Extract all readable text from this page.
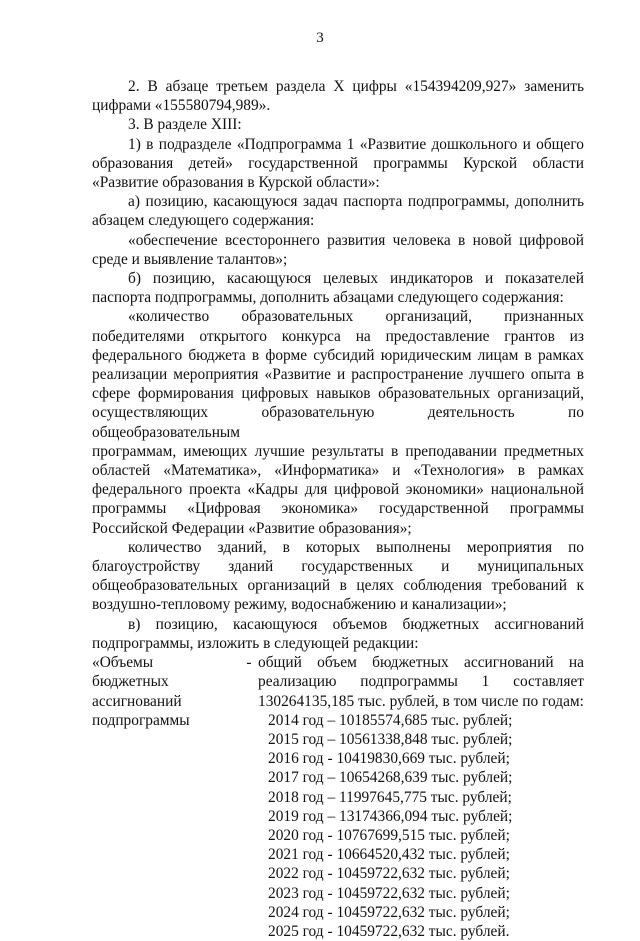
3

2. В абзаце третьем раздела X цифры «154394209,927» заменить

цифрами «155580794,989».

3. В разделе XIII:

1) в подразделе «Подпрограмма 1 «Развитие дошкольного и общего

образования детей» государственной программы Курской области

«Развитие образования в Курской области»:

а) позицию, касающуюся задач паспорта подпрограммы, дополнить

абзацем следующего содержания:

«обеспечение всестороннего развития человека в новой цифровой

среде и выявление талантов»;

б) позицию, касающуюся целевых индикаторов и показателей

паспорта подпрограммы, дополнить абзацами следующего содержания:

«количество образовательных организаций, признанных

победителями открытого конкурса на предоставление грантов из

федерального бюджета в форме субсидий юридическим лицам в рамках

реализации мероприятия «Развитие и распространение лучшего опыта в

сфере формирования цифровых навыков образовательных организаций,

осуществляющих образовательную деятельность по общеобразовательным

программам, имеющих лучшие результаты в преподавании предметных

областей «Математика», «Информатика» и «Технология» в рамках

федерального проекта «Кадры для цифровой экономики» национальной

программы «Цифровая экономика» государственной программы

Российской Федерации «Развитие образования»;

количество зданий, в которых выполнены мероприятия по

благоустройству зданий государственных и муниципальных

общеобразовательных организаций в целях соблюдения требований к

воздушно-тепловому режиму, водоснабжению и канализации»;

в) позицию, касающуюся объемов бюджетных ассигнований

подпрограммы, изложить в следующей редакции:

«Объемы
бюджетных
ассигнований
подпрограммы
- общий объем бюджетных ассигнований на
реализацию подпрограммы 1 составляет
130264135,185 тыс. рублей, в том числе по годам:
2014 год – 10185574,685 тыс. рублей;
2015 год – 10561338,848 тыс. рублей;
2016 год - 10419830,669 тыс. рублей;
2017 год – 10654268,639 тыс. рублей;
2018 год – 11997645,775 тыс. рублей;
2019 год – 13174366,094 тыс. рублей;
2020 год - 10767699,515 тыс. рублей;
2021 год - 10664520,432 тыс. рублей;
2022 год - 10459722,632 тыс. рублей;
2023 год - 10459722,632 тыс. рублей;
2024 год - 10459722,632 тыс. рублей;
2025 год - 10459722,632 тыс. рублей.
